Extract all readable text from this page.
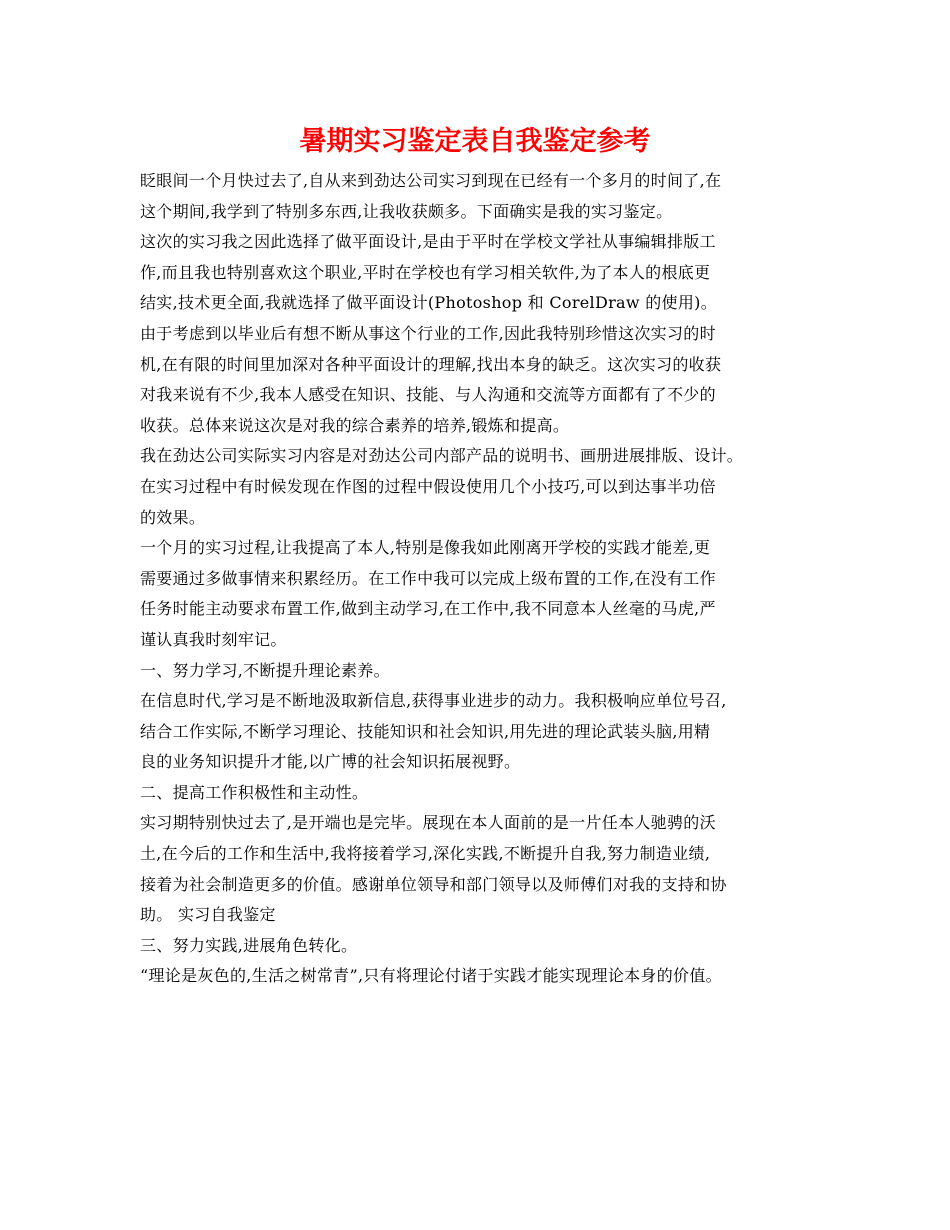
暑期实习鉴定表自我鉴定参考
眨眼间一个月快过去了,自从来到劲达公司实习到现在已经有一个多月的时间了,在
这个期间,我学到了特别多东西,让我收获颇多。下面确实是我的实习鉴定。
这次的实习我之因此选择了做平面设计,是由于平时在学校文学社从事编辑排版工
作,而且我也特别喜欢这个职业,平时在学校也有学习相关软件,为了本人的根底更
结实,技术更全面,我就选择了做平面设计(Photoshop 和 CorelDraw 的使用)。
由于考虑到以毕业后有想不断从事这个行业的工作,因此我特别珍惜这次实习的时
机,在有限的时间里加深对各种平面设计的理解,找出本身的缺乏。这次实习的收获
对我来说有不少,我本人感受在知识、技能、与人沟通和交流等方面都有了不少的
收获。总体来说这次是对我的综合素养的培养,锻炼和提高。
我在劲达公司实际实习内容是对劲达公司内部产品的说明书、画册进展排版、设计。
在实习过程中有时候发现在作图的过程中假设使用几个小技巧,可以到达事半功倍
的效果。
一个月的实习过程,让我提高了本人,特别是像我如此刚离开学校的实践才能差,更
需要通过多做事情来积累经历。在工作中我可以完成上级布置的工作,在没有工作
任务时能主动要求布置工作,做到主动学习,在工作中,我不同意本人丝毫的马虎,严
谨认真我时刻牢记。
一、努力学习,不断提升理论素养。
在信息时代,学习是不断地汲取新信息,获得事业进步的动力。我积极响应单位号召,
结合工作实际,不断学习理论、技能知识和社会知识,用先进的理论武装头脑,用精
良的业务知识提升才能,以广博的社会知识拓展视野。
二、提高工作积极性和主动性。
实习期特别快过去了,是开端也是完毕。展现在本人面前的是一片任本人驰骋的沃
土,在今后的工作和生活中,我将接着学习,深化实践,不断提升自我,努力制造业绩,
接着为社会制造更多的价值。感谢单位领导和部门领导以及师傅们对我的支持和协
助。 实习自我鉴定
三、努力实践,进展角色转化。
“理论是灰色的,生活之树常青”,只有将理论付诸于实践才能实现理论本身的价值。
